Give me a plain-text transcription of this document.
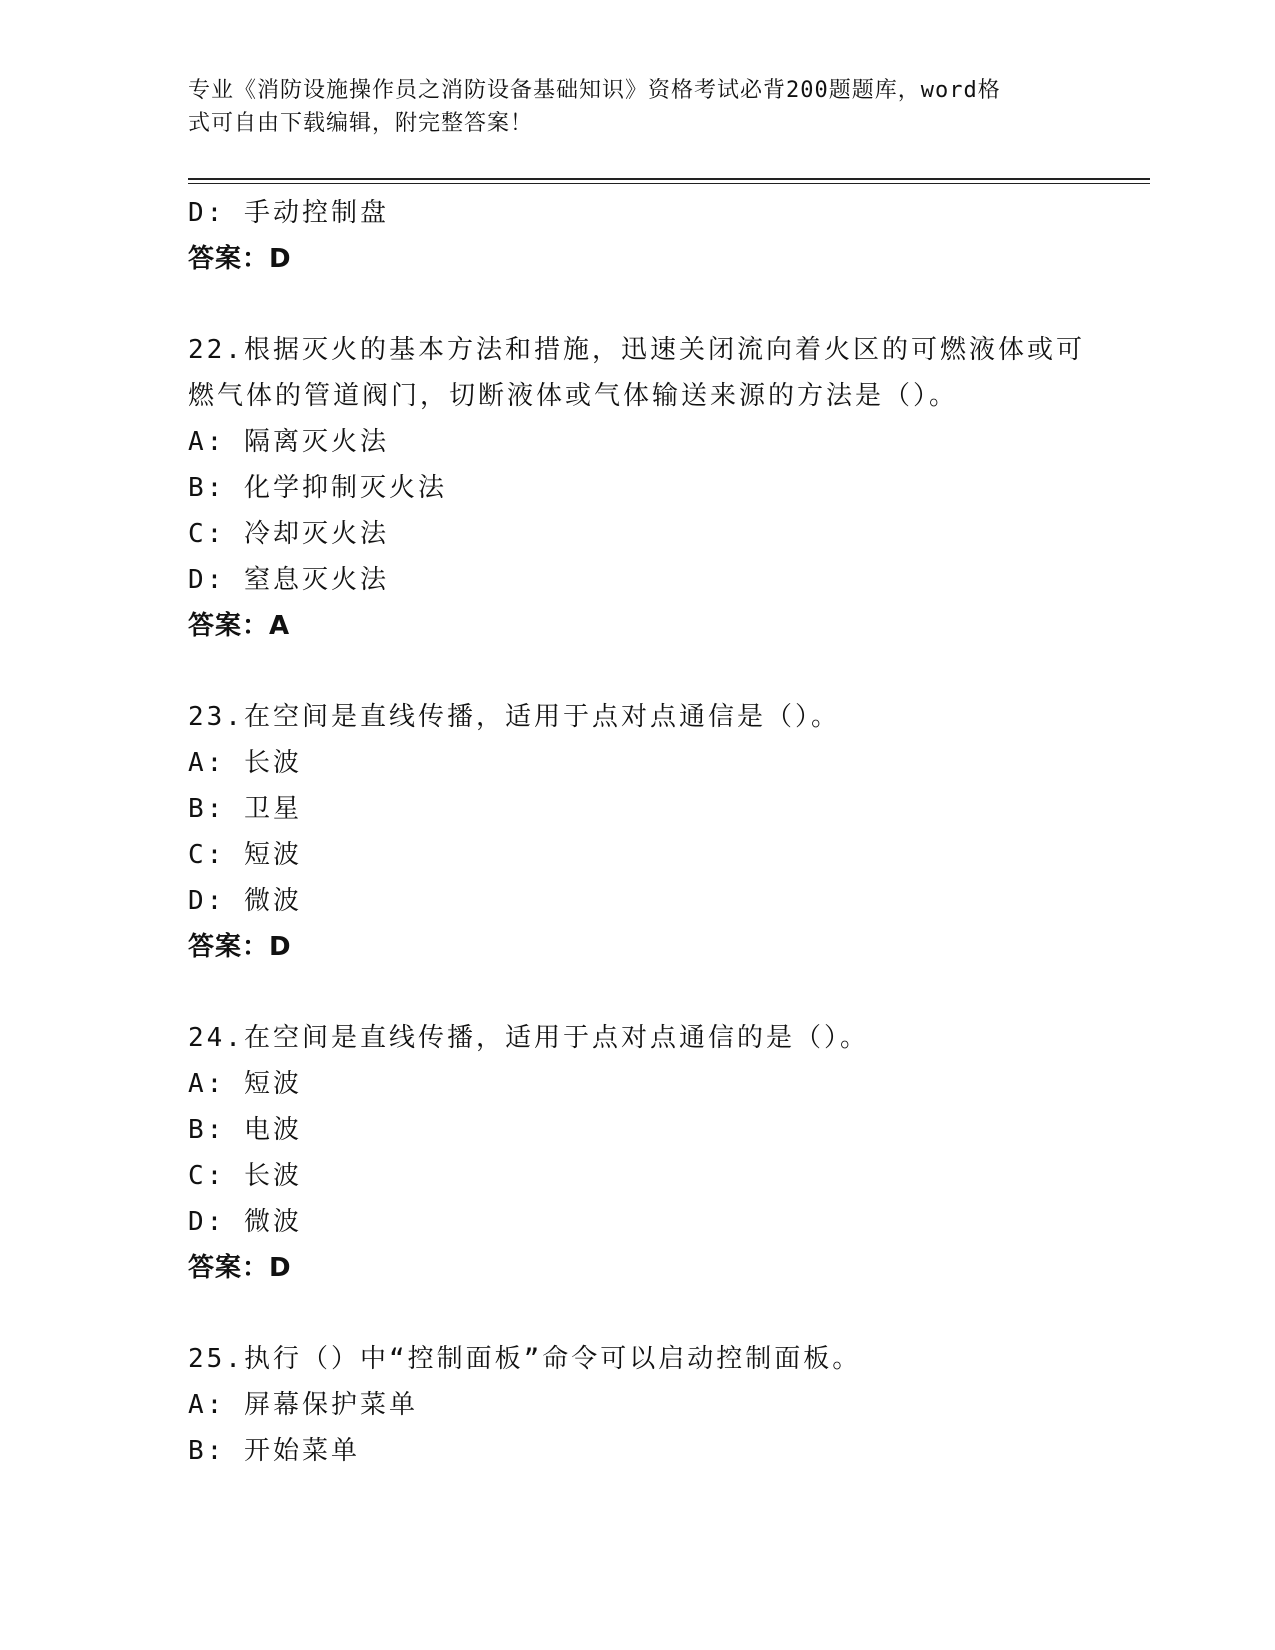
专业《消防设施操作员之消防设备基础知识》资格考试必背200题题库，word格
式可自由下载编辑，附完整答案！
D: 手动控制盘
答案：D
22.根据灭火的基本方法和措施，迅速关闭流向着火区的可燃液体或可
燃气体的管道阀门，切断液体或气体输送来源的方法是（）。
A: 隔离灭火法
B: 化学抑制灭火法
C: 冷却灭火法
D: 窒息灭火法
答案：A
23.在空间是直线传播，适用于点对点通信是（）。
A: 长波
B: 卫星
C: 短波
D: 微波
答案：D
24.在空间是直线传播，适用于点对点通信的是（）。
A: 短波
B: 电波
C: 长波
D: 微波
答案：D
25.执行（）中“控制面板”命令可以启动控制面板。
A: 屏幕保护菜单
B: 开始菜单
